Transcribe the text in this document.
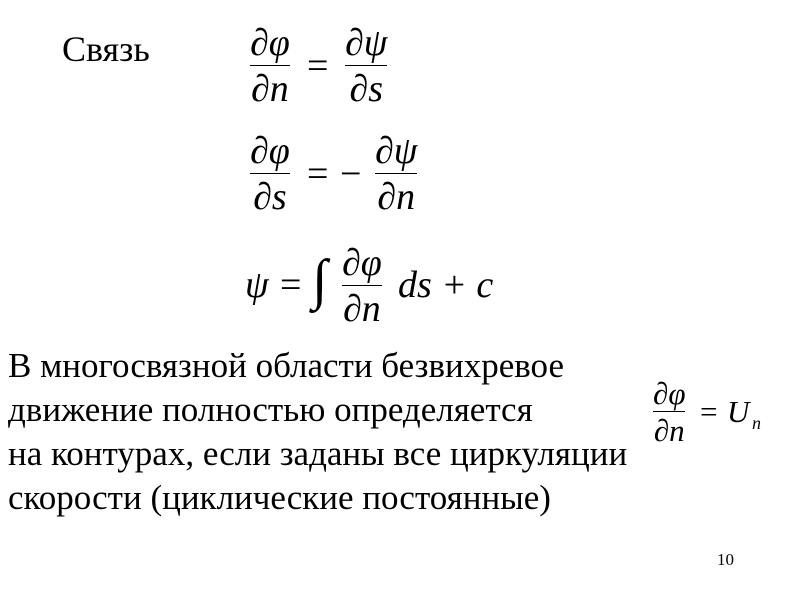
Связь	∂φ
∂n
=
∂ψ
∂s
∂φ
∂s
= −
∂ψ
∂n
ψ = ∫ ∂φ
∂n
ds + c
В многосвязной области безвихревое
движение полностью определяется
на контурах, если заданы все циркуляции
скорости (циклические постоянные)
∂φ
∂n
= U n
10
